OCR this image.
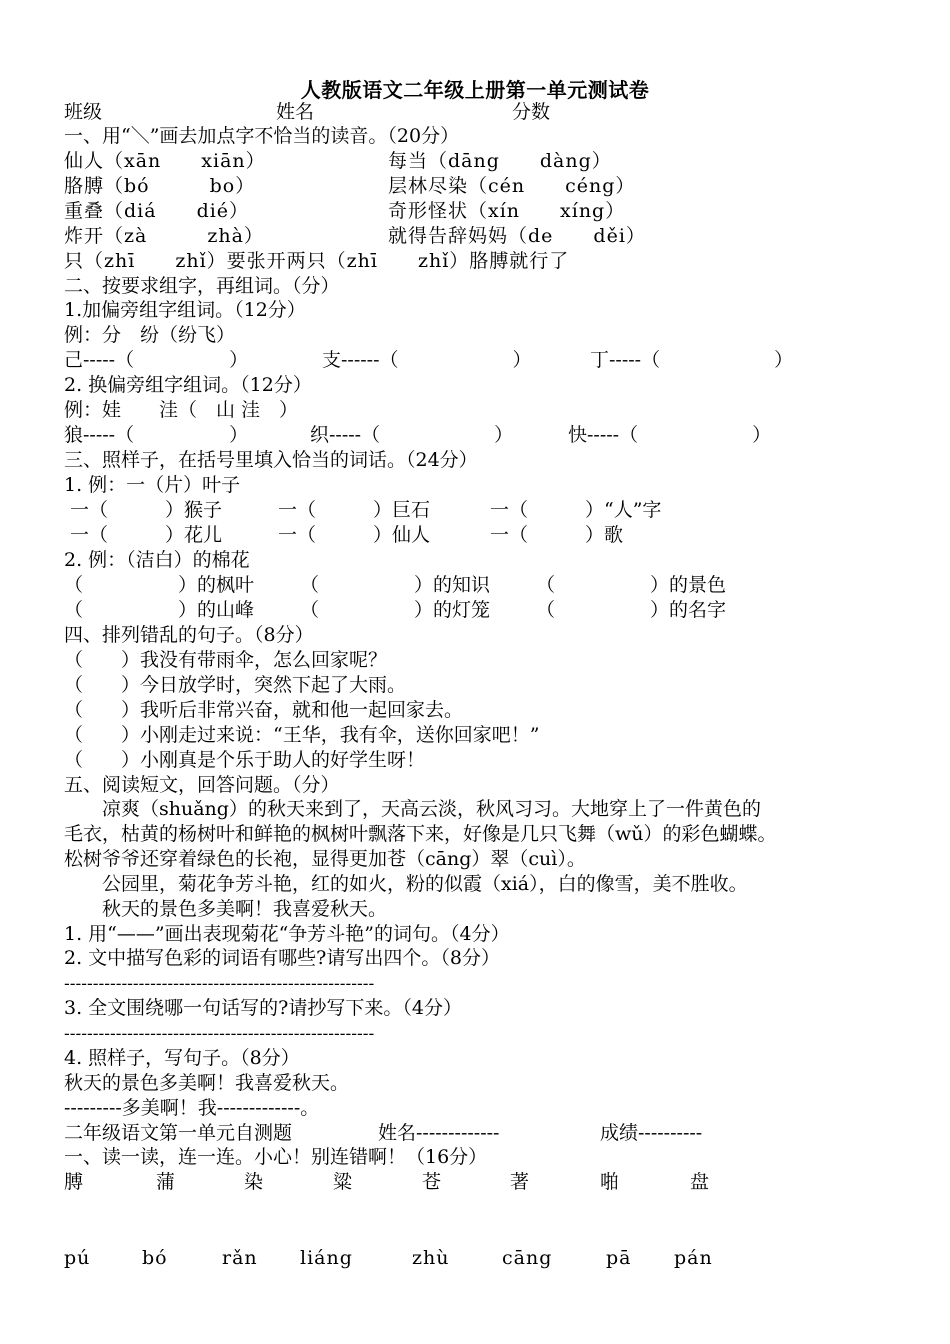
人教版语文二年级上册第一单元测试卷
班级	姓名	分数
一、用“＼”画去加点字不恰当的读音。（20分）
仙人（xān　　xiān）	每当（dāng　　dàng）
胳膊（bó　　　bo）	层林尽染（cén　　céng）
重叠（diá　　dié）	奇形怪状（xín　　xíng）
炸开（zà　　　zhà）	就得告辞妈妈（de　　děi）
只（zhī　　zhǐ）要张开两只（zhī　　zhǐ）胳膊就行了
二、按要求组字，再组词。（分）
1.加偏旁组字组词。（12分）
例：分　纷（纷飞）
己-----（　　　　　）	支------（　　　　　　）	丁-----（　　　　　　）
2. 换偏旁组字组词。（12分）
例：娃　　洼（　山 洼　）
狼-----（　　　　　）	织-----（　　　　　　）	快-----（　　　　　　）
三、照样子，在括号里填入恰当的词话。（24分）
1. 例：一（片）叶子
一（　　　）猴子	一（　　　）巨石	一（　　　）“人”字
一（　　　）花儿	一（　　　）仙人	一（　　　）歌
2. 例：（洁白）的棉花
（　　　　　）的枫叶 （　　　　　）的知识 （　　　　　）的景色
（　　　　　）的山峰 （　　　　　）的灯笼 （　　　　　）的名字
四、排列错乱的句子。（8分）
（　　）我没有带雨伞，怎么回家呢？
（　　）今日放学时，突然下起了大雨。
（　　）我听后非常兴奋，就和他一起回家去。
（　　）小刚走过来说：“王华，我有伞，送你回家吧！”
（　　）小刚真是个乐于助人的好学生呀！
五、阅读短文，回答问题。（分）
　　凉爽（shuǎng）的秋天来到了，天高云淡，秋风习习。大地穿上了一件黄色的
毛衣，枯黄的杨树叶和鲜艳的枫树叶飘落下来，好像是几只飞舞（wǔ）的彩色蝴蝶。
松树爷爷还穿着绿色的长袍，显得更加苍（cāng）翠（cuì）。
　　公园里，菊花争芳斗艳，红的如火，粉的似霞（xiá），白的像雪，美不胜收。
　　秋天的景色多美啊！我喜爱秋天。
1. 用“——”画出表现菊花“争芳斗艳”的词句。（4分）
2. 文中描写色彩的词语有哪些?请写出四个。（8分）
------------------------------------------------------
3. 全文围绕哪一句话写的?请抄写下来。（4分）
------------------------------------------------------
4. 照样子，写句子。（8分）
秋天的景色多美啊！我喜爱秋天。
---------多美啊！我-------------。
二年级语文第一单元自测题	姓名-------------	成绩----------
一、读一读，连一连。小心！别连错啊！（16分）
膊	蒲	染	粱	苍	著	啪	盘
pú	bó	rǎn liáng	zhù	cāng	pā pán
